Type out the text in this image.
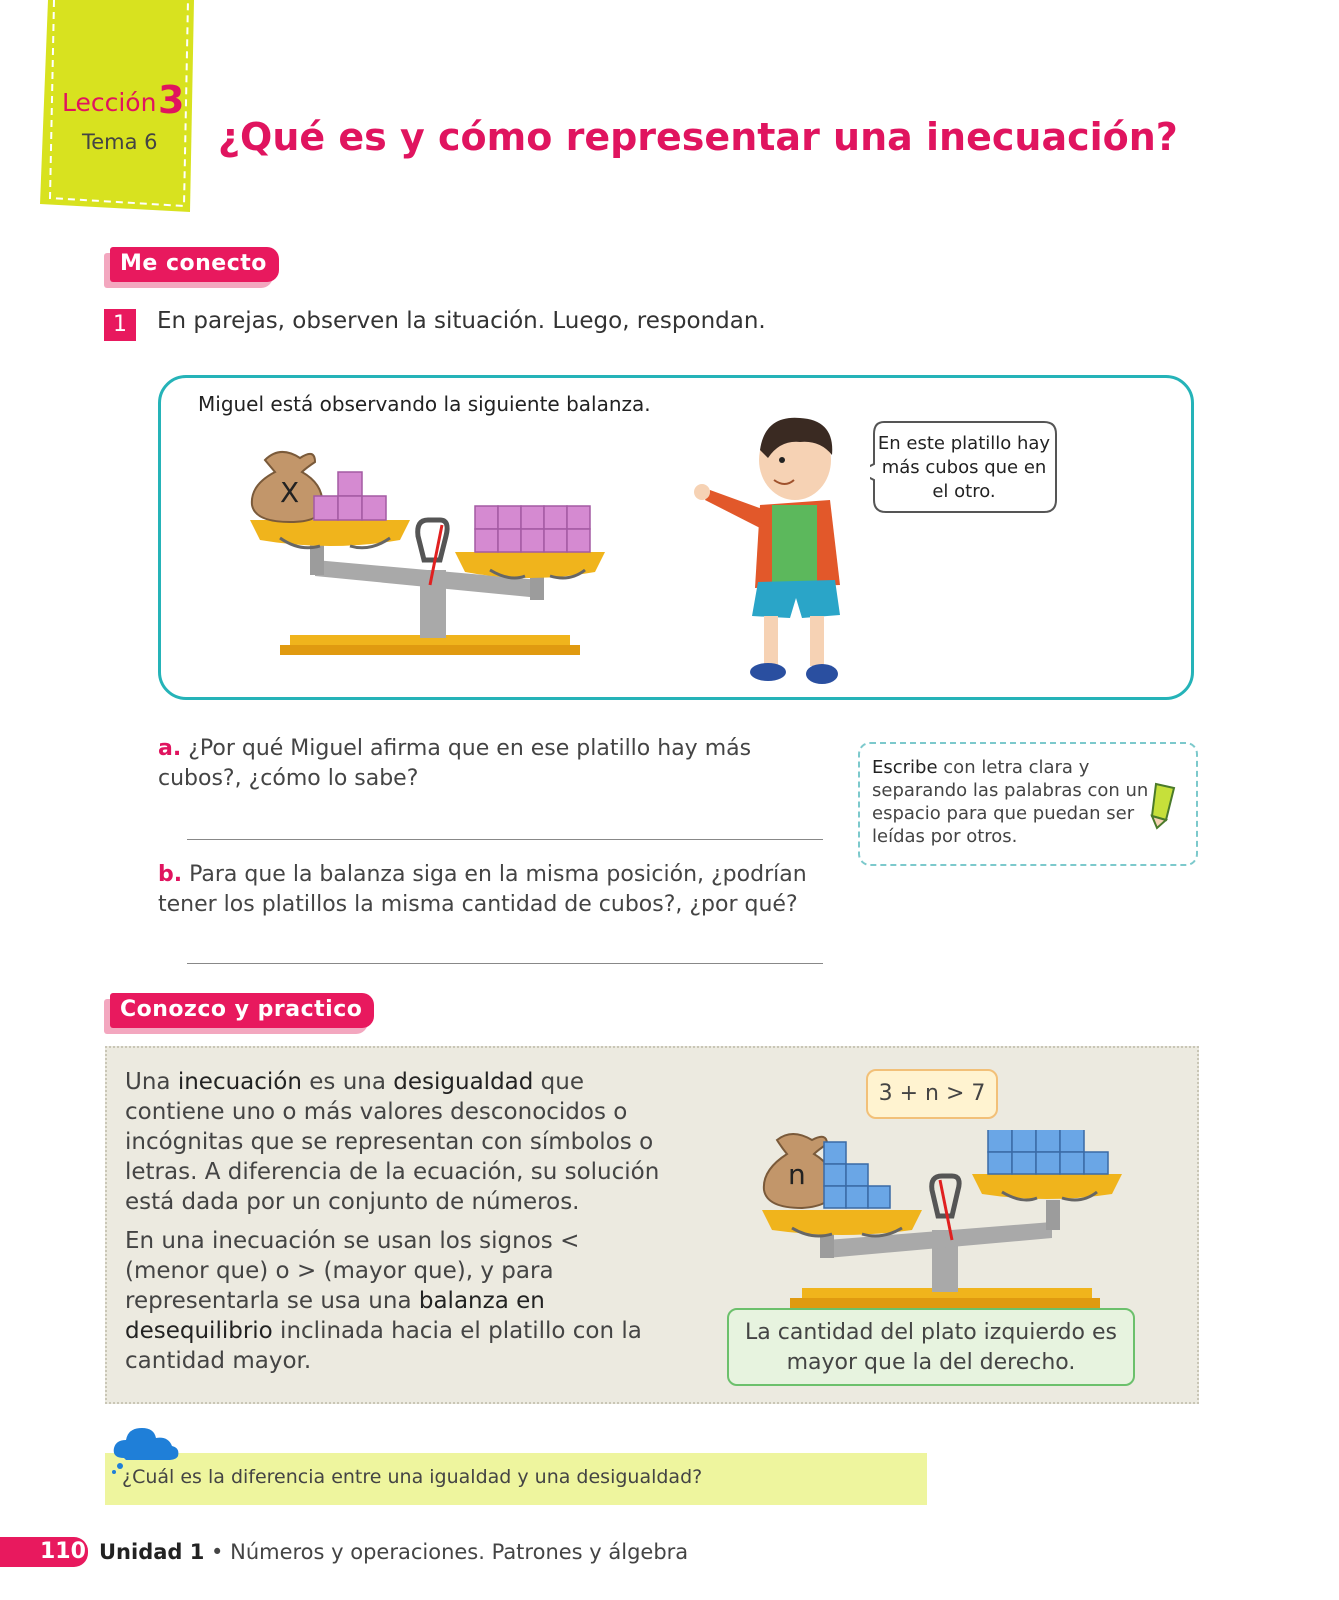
Lección 3
Tema 6 ¿Qué es y cómo representar una inecuación?
Me conecto
1	En parejas, observen la situación. Luego, respondan.
Miguel está observando la siguiente balanza.
X
En este platillo hay más cubos que en el otro.
a. ¿Por qué Miguel afirma que en ese platillo hay más cubos?, ¿cómo lo sabe?
b. Para que la balanza siga en la misma posición, ¿podrían tener los platillos la misma cantidad de cubos?, ¿por qué?
Escribe con letra clara y separando las palabras con un espacio para que puedan ser leídas por otros.
Conozco y practico
Una inecuación es una desigualdad que contiene uno o más valores desconocidos o incógnitas que se representan con símbolos o letras. A diferencia de la ecuación, su solución está dada por un conjunto de números.
En una inecuación se usan los signos < (menor que) o > (mayor que), y para representarla se usa una balanza en desequilibrio inclinada hacia el platillo con la cantidad mayor.
3 + n > 7
n
La cantidad del plato izquierdo es mayor que la del derecho.
¿Cuál es la diferencia entre una igualdad y una desigualdad?
110 Unidad 1 • Números y operaciones. Patrones y álgebra
